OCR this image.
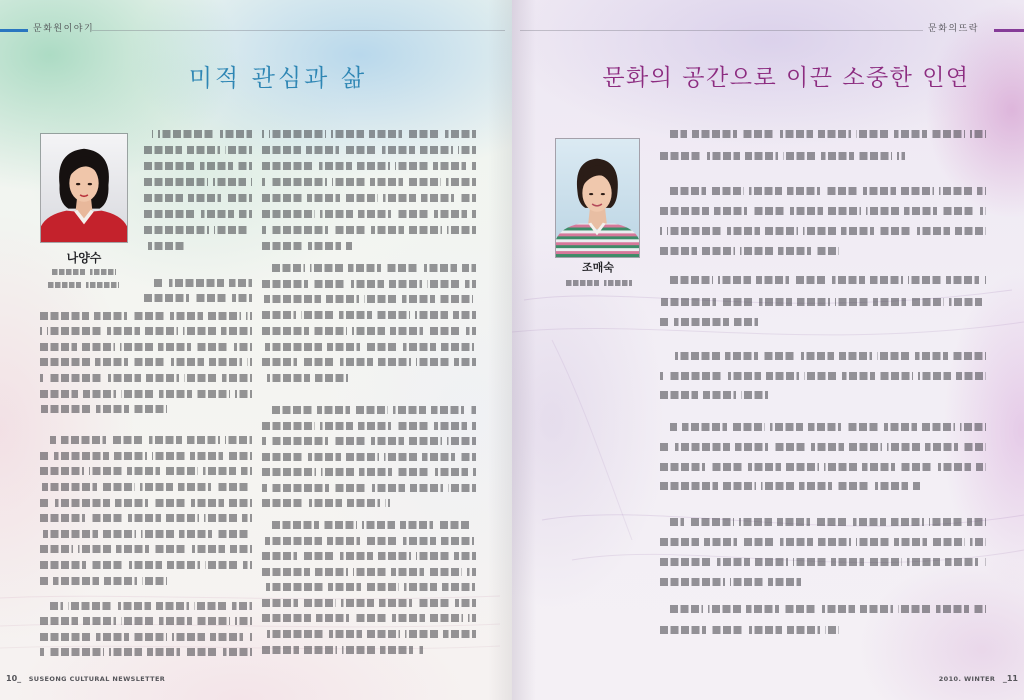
문화원이야기
미적 관심과 삶
나양수
10_ SUSEONG CULTURAL NEWSLETTER
문화의뜨락
문화의 공간으로 이끈 소중한 인연
조매숙
2010. WINTER _11
